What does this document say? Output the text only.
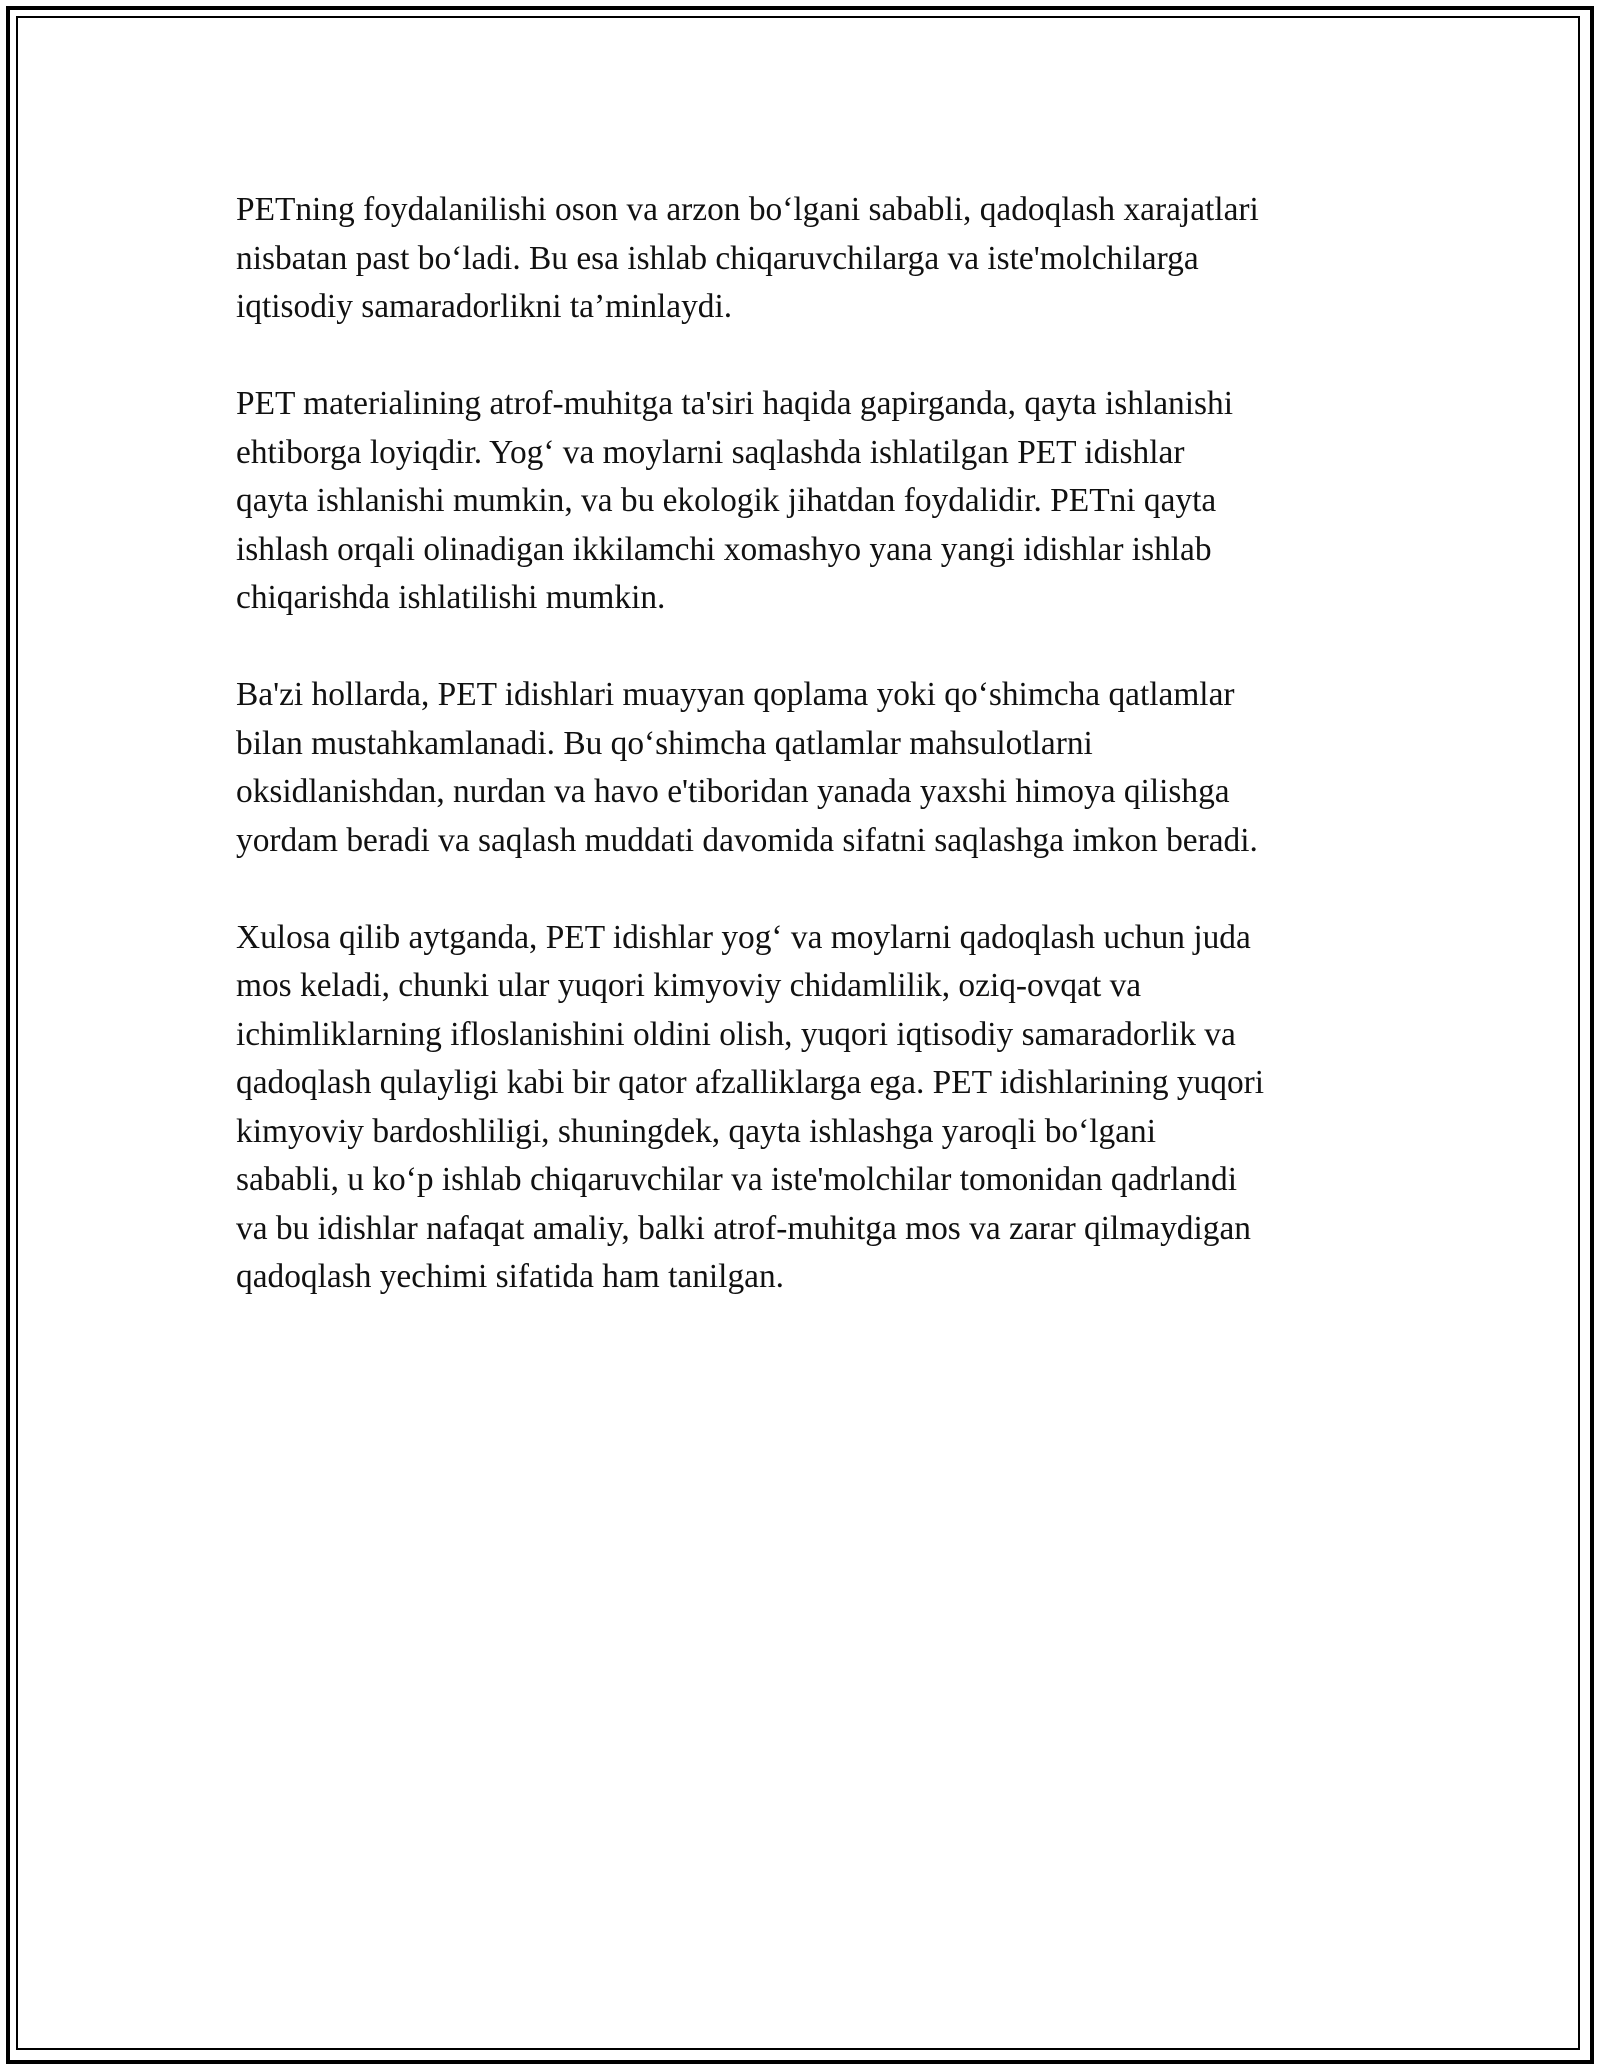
PETning foydalanilishi oson va arzon bo‘lgani sababli, qadoqlash xarajatlari
nisbatan past bo‘ladi. Bu esa ishlab chiqaruvchilarga va iste'molchilarga
iqtisodiy samaradorlikni ta’minlaydi.

PET materialining atrof-muhitga ta'siri haqida gapirganda, qayta ishlanishi
ehtiborga loyiqdir. Yog‘ va moylarni saqlashda ishlatilgan PET idishlar
qayta ishlanishi mumkin, va bu ekologik jihatdan foydalidir. PETni qayta
ishlash orqali olinadigan ikkilamchi xomashyo yana yangi idishlar ishlab
chiqarishda ishlatilishi mumkin.

Ba'zi hollarda, PET idishlari muayyan qoplama yoki qo‘shimcha qatlamlar
bilan mustahkamlanadi. Bu qo‘shimcha qatlamlar mahsulotlarni
oksidlanishdan, nurdan va havo e'tiboridan yanada yaxshi himoya qilishga
yordam beradi va saqlash muddati davomida sifatni saqlashga imkon beradi.

Xulosa qilib aytganda, PET idishlar yog‘ va moylarni qadoqlash uchun juda
mos keladi, chunki ular yuqori kimyoviy chidamlilik, oziq-ovqat va
ichimliklarning ifloslanishini oldini olish, yuqori iqtisodiy samaradorlik va
qadoqlash qulayligi kabi bir qator afzalliklarga ega. PET idishlarining yuqori
kimyoviy bardoshliligi, shuningdek, qayta ishlashga yaroqli bo‘lgani
sababli, u ko‘p ishlab chiqaruvchilar va iste'molchilar tomonidan qadrlandi
va bu idishlar nafaqat amaliy, balki atrof-muhitga mos va zarar qilmaydigan
qadoqlash yechimi sifatida ham tanilgan.
